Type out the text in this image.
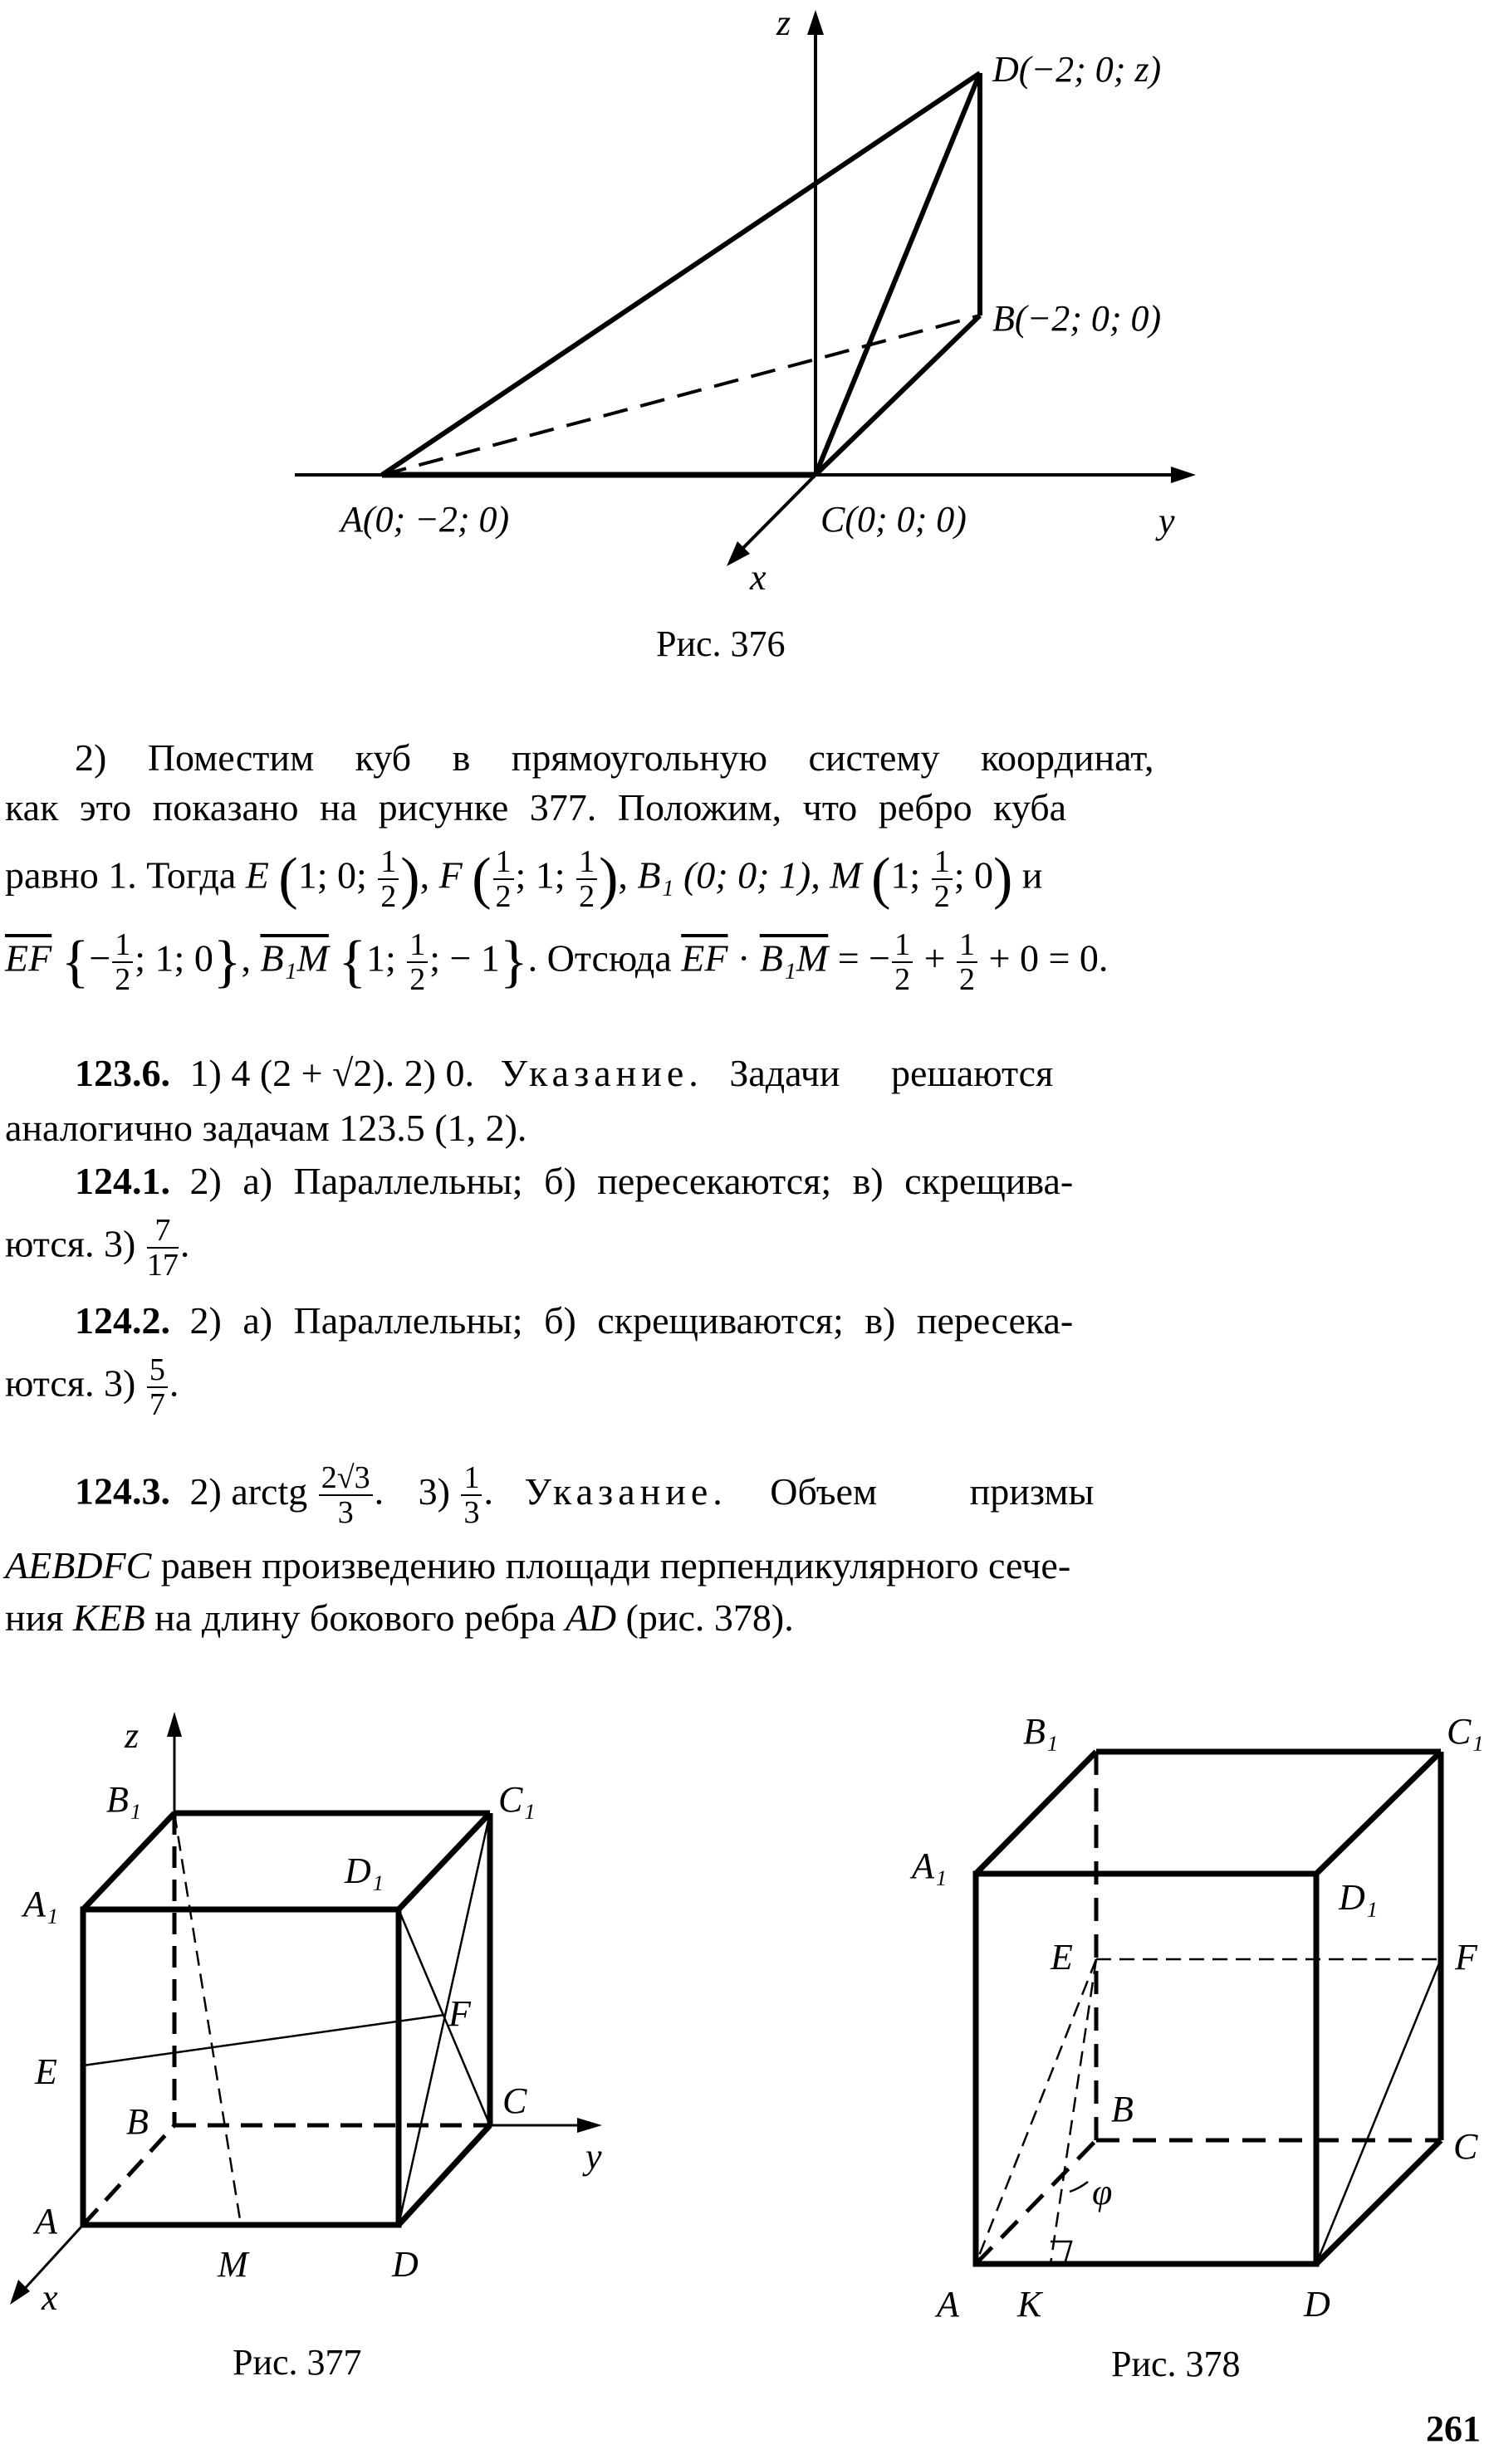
z
D(−2; 0; z)
B(−2; 0; 0)
A(0; −2; 0)	C(0; 0; 0)	y
x
Рис. 376
2) Поместим куб в прямоугольную систему координат,
как это показано на рисунке 377. Положим, что ребро куба
равно 1. Тогда E (1; 0; $\frac{1}{2}$ ), F ( $\frac{1}{2}$ ; 1; $\frac{1}{2}$ ), B₁ (0; 0; 1), M (1; $\frac{1}{2}$ ; 0) и
$\overline{EF}$ {− $\frac{1}{2}$ ; 1; 0}, B₁M {1; $\frac{1}{2}$ ; − 1}. Отсюда $\overline{EF} \cdot B_1M$ = − $\frac{1}{2} + \frac{1}{2} + 0 = 0$.
123.6. 1) 4 (2 + √2). 2) 0. Указание. Задачи решаются
аналогично задачам 123.5 (1, 2).
124.1. 2) а) Параллельны; б) пересекаются; в) скрещива-
ются. $3) \frac{7}{17}$ .
124.2. 2) а) Параллельны; б) скрещиваются; в) пересека-
ются. $3) \frac{5}{7}$ .
124.3. 2) arctg $\frac{2√3}{3}$ . $3) \frac{1}{3}$ . Указание. Объем призмы
AEBDFC равен произведению площади перпендикулярного сече-
ния KEB на длину бокового ребра AD (рис. 378).
z
B₁	C₁
D₁
A₁
E
F
B
C
y
A
M	D
x
Рис. 377
B₁	C₁
A₁
D₁
E	F
B
C
φ
A K	D
Рис. 378
261
